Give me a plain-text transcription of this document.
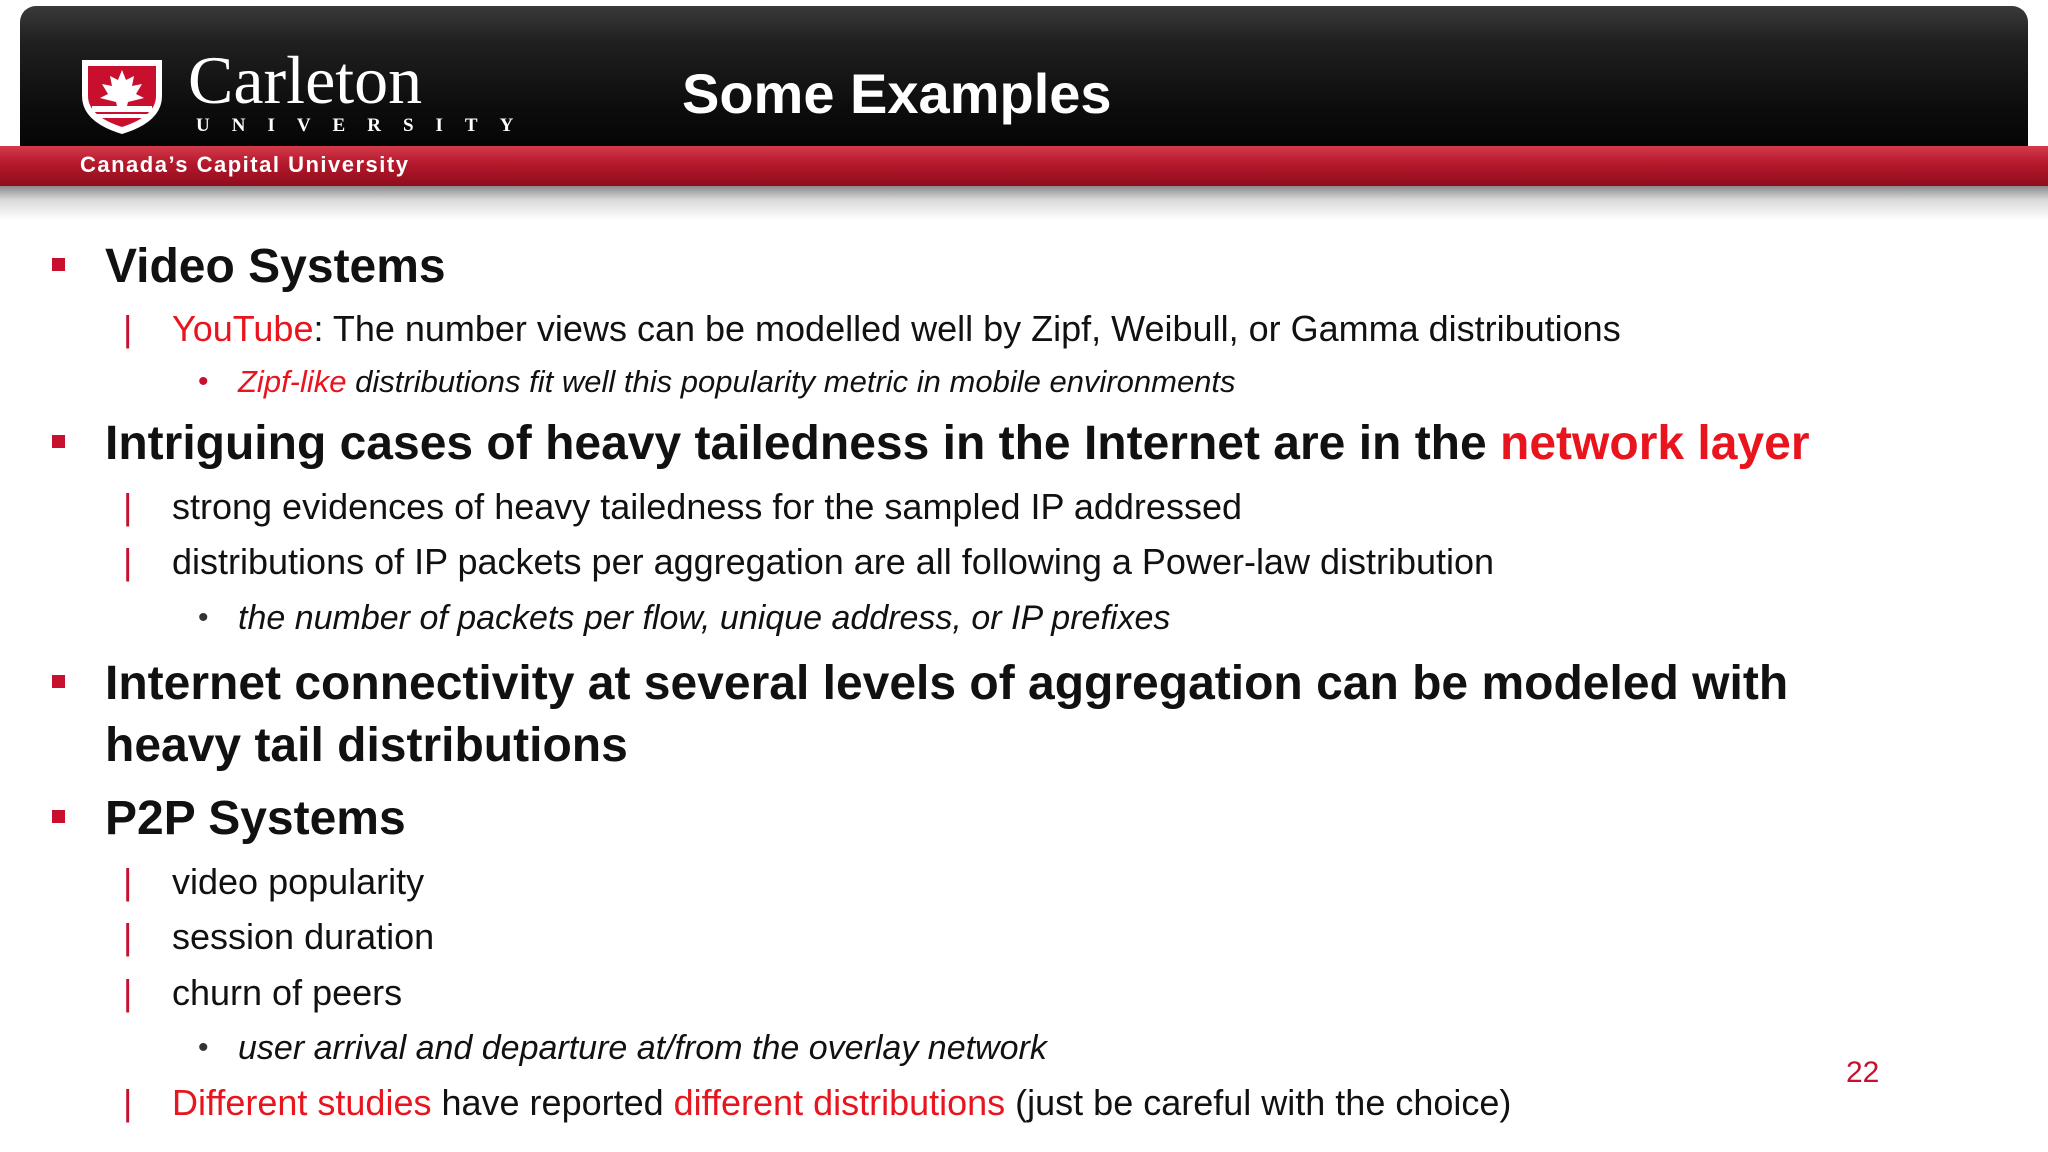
Carleton
UNIVERSITY
Canada’s Capital University
Some Examples
Video Systems
| YouTube: The number views can be modelled well by Zipf, Weibull, or Gamma distributions
• Zipf-like distributions fit well this popularity metric in mobile environments
Intriguing cases of heavy tailedness in the Internet are in the network layer
| strong evidences of heavy tailedness for the sampled IP addressed
| distributions of IP packets per aggregation are all following a Power-law distribution
• the number of packets per flow, unique address, or IP prefixes
Internet connectivity at several levels of aggregation can be modeled with
heavy tail distributions
P2P Systems
| video popularity
| session duration
| churn of peers
• user arrival and departure at/from the overlay network
| Different studies have reported different distributions (just be careful with the choice)
22
